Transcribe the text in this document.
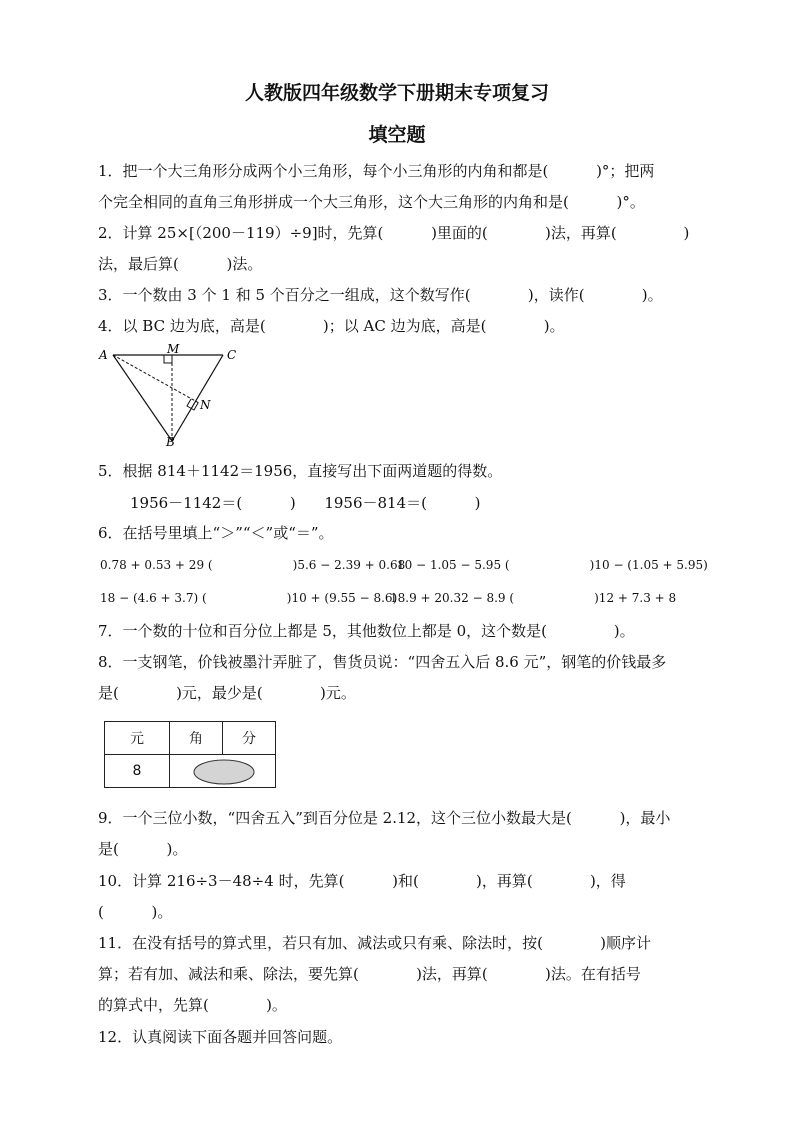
人教版四年级数学下册期末专项复习
填空题
1．把一个大三角形分成两个小三角形，每个小三角形的内角和都是(          )°；把两
个完全相同的直角三角形拼成一个大三角形，这个大三角形的内角和是(          )°。
2．计算 25×[（200－119）÷9]时，先算(          )里面的(            )法，再算(              )
法，最后算(          )法。
3．一个数由 3 个 1 和 5 个百分之一组成，这个数写作(            )，读作(            )。
4．以 BC 边为底，高是(            )；以 AC 边为底，高是(            )。
A	M	C
N
B
5．根据 814＋1142＝1956，直接写出下面两道题的得数。
1956－1142＝(          )      1956－814＝(          )
6．在括号里填上“＞”“＜”或“＝”。
0.78 + 0.53 + 29 (                     )5.6 − 2.39 + 0.68
10 − 1.05 − 5.95 (                     )10 − (1.05 + 5.95)
18 − (4.6 + 3.7) (                     )10 + (9.55 − 8.6)
18.9 + 20.32 − 8.9 (                     )12 + 7.3 + 8
7．一个数的十位和百分位上都是 5，其他数位上都是 0，这个数是(              )。
8．一支钢笔，价钱被墨汁弄脏了，售货员说：“四舍五入后 8.6 元”，钢笔的价钱最多
是(            )元，最少是(            )元。
元	角	分
8	
9．一个三位小数，“四舍五入”到百分位是 2.12，这个三位小数最大是(          )，最小
是(          )。
10．计算 216÷3－48÷4 时，先算(          )和(            )，再算(            )，得
(          )。
11．在没有括号的算式里，若只有加、减法或只有乘、除法时，按(            )顺序计
算；若有加、减法和乘、除法，要先算(            )法，再算(            )法。在有括号
的算式中，先算(            )。
12．认真阅读下面各题并回答问题。
